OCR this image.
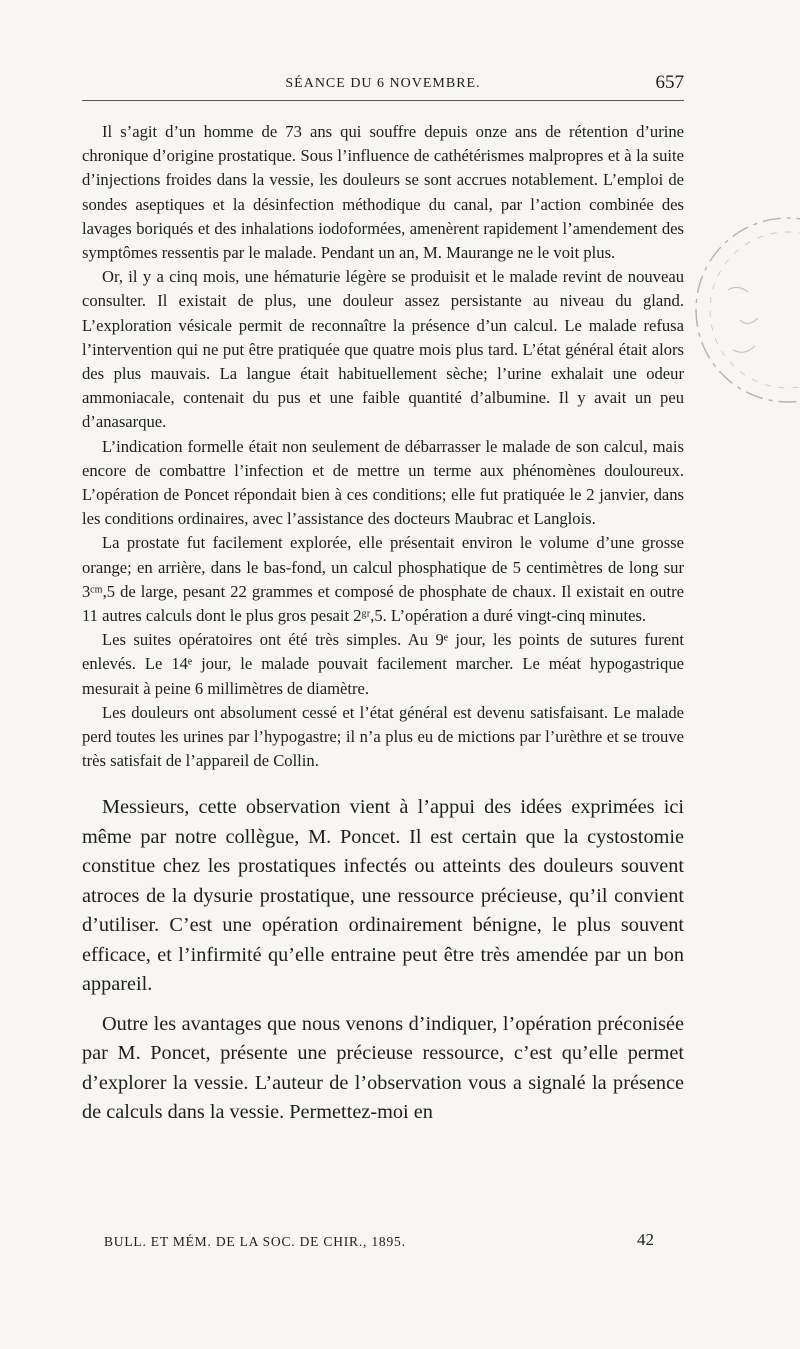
SÉANCE DU 6 NOVEMBRE.	657

Il s’agit d’un homme de 73 ans qui souffre depuis onze ans de rétention d’urine chronique d’origine prostatique. Sous l’influence de cathétérismes malpropres et à la suite d’injections froides dans la vessie, les douleurs se sont accrues notablement. L’emploi de sondes aseptiques et la désinfection méthodique du canal, par l’action combinée des lavages boriqués et des inhalations iodoformées, amenèrent rapidement l’amendement des symptômes ressentis par le malade. Pendant un an, M. Maurange ne le voit plus.

Or, il y a cinq mois, une hématurie légère se produisit et le malade revint de nouveau consulter. Il existait de plus, une douleur assez persistante au niveau du gland. L’exploration vésicale permit de reconnaître la présence d’un calcul. Le malade refusa l’intervention qui ne put être pratiquée que quatre mois plus tard. L’état général était alors des plus mauvais. La langue était habituellement sèche; l’urine exhalait une odeur ammoniacale, contenait du pus et une faible quantité d’albumine. Il y avait un peu d’anasarque.

L’indication formelle était non seulement de débarrasser le malade de son calcul, mais encore de combattre l’infection et de mettre un terme aux phénomènes douloureux. L’opération de Poncet répondait bien à ces conditions; elle fut pratiquée le 2 janvier, dans les conditions ordinaires, avec l’assistance des docteurs Maubrac et Langlois.

La prostate fut facilement explorée, elle présentait environ le volume d’une grosse orange; en arrière, dans le bas-fond, un calcul phosphatique de 5 centimètres de long sur 3ᶜᵐ,5 de large, pesant 22 grammes et composé de phosphate de chaux. Il existait en outre 11 autres calculs dont le plus gros pesait 2ᵍʳ,5. L’opération a duré vingt-cinq minutes.

Les suites opératoires ont été très simples. Au 9ᵉ jour, les points de sutures furent enlevés. Le 14ᵉ jour, le malade pouvait facilement marcher. Le méat hypogastrique mesurait à peine 6 millimètres de diamètre.

Les douleurs ont absolument cessé et l’état général est devenu satisfaisant. Le malade perd toutes les urines par l’hypogastre; il n’a plus eu de mictions par l’urèthre et se trouve très satisfait de l’appareil de Collin.

Messieurs, cette observation vient à l’appui des idées exprimées ici même par notre collègue, M. Poncet. Il est certain que la cystostomie constitue chez les prostatiques infectés ou atteints des douleurs souvent atroces de la dysurie prostatique, une ressource précieuse, qu’il convient d’utiliser. C’est une opération ordinairement bénigne, le plus souvent efficace, et l’infirmité qu’elle entraine peut être très amendée par un bon appareil.

Outre les avantages que nous venons d’indiquer, l’opération préconisée par M. Poncet, présente une précieuse ressource, c’est qu’elle permet d’explorer la vessie. L’auteur de l’observation vous a signalé la présence de calculs dans la vessie. Permettez-moi en

BULL. ET MÉM. DE LA SOC. DE CHIR., 1895.	42
